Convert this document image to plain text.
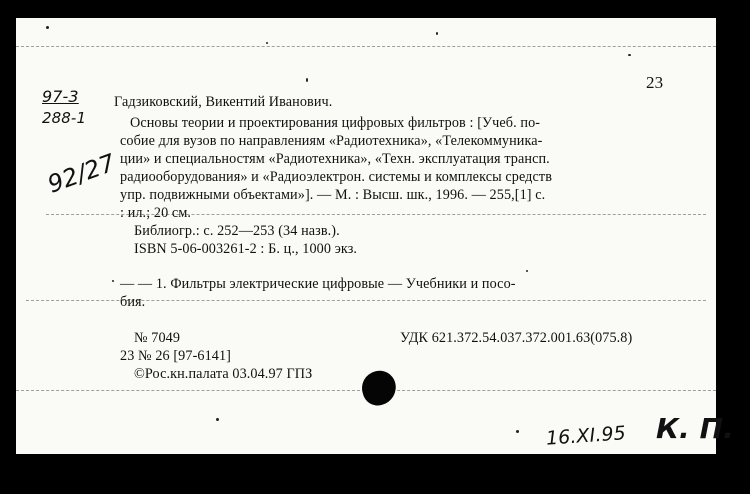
23
97-3
288-1
92/27
Гадзиковский, Викентий Иванович.
Основы теории и проектирования цифровых фильтров : [Учеб. по-
собие для вузов по направлениям «Радиотехника», «Телекоммуника-
ции» и специальностям «Радиотехника», «Техн. эксплуатация трансп.
радиооборудования» и «Радиоэлектрон. системы и комплексы средств
упр. подвижными объектами»]. — М. : Высш. шк., 1996. — 255,[1] с.
: ил.; 20 см.
Библиогр.: с. 252—253 (34 назв.).
ISBN 5-06-003261-2 : Б. ц., 1000 экз.
— — 1. Фильтры электрические цифровые — Учебники и посо-
бия.
№ 7049	УДК 621.372.54.037.372.001.63(075.8)
23 № 26 [97-6141]
©Рос.кн.палата 03.04.97 ГПЗ
16.XI.95 К. П.
